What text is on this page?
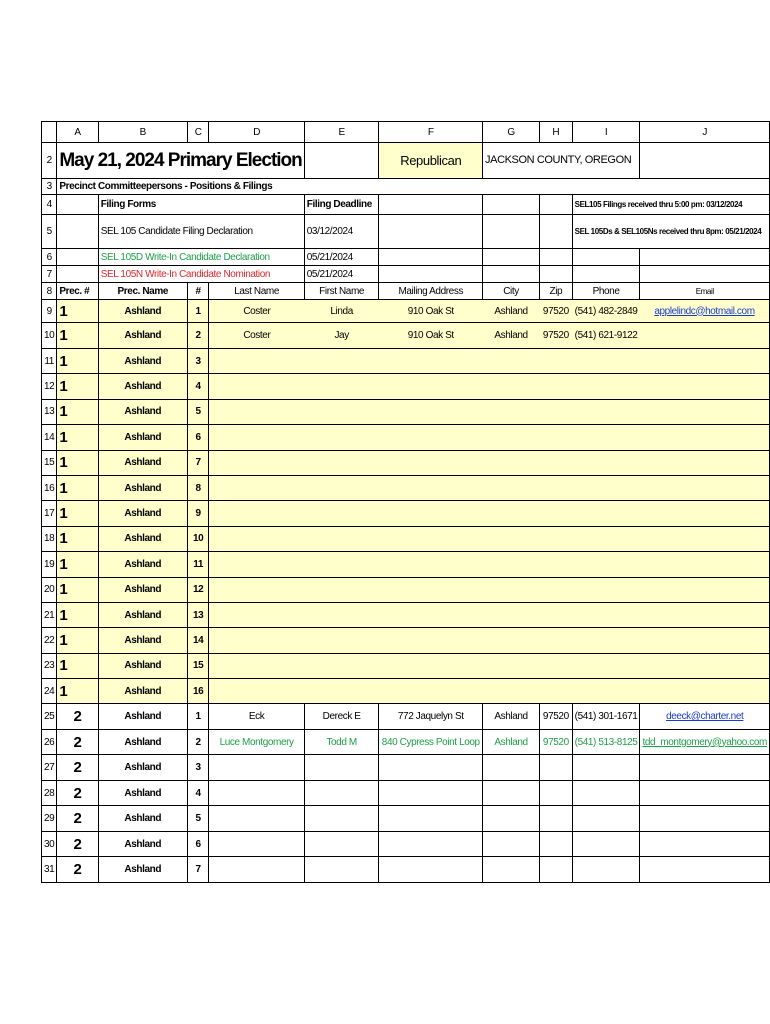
	A	B	C	D	E	F	G	H	I	J
2	May 21, 2024 Primary Election					Republican	JACKSON COUNTY, OREGON			
3	Precinct Committeepersons - Positions & Filings									
4		Filing Forms			Filing Deadline				SEL105 Filings received thru 5:00 pm: 03/12/2024	
5		SEL 105 Candidate Filing Declaration			03/12/2024				SEL 105Ds & SEL105Ns received thru 8pm: 05/21/2024	
6		SEL 105D Write-In Candidate Declaration			05/21/2024					
7		SEL 105N Write-In Candidate Nomination			05/21/2024					
8	Prec. #	Prec. Name	#	Last Name	First Name	Mailing Address	City	Zip	Phone	Email
9	1	Ashland	1	Coster	Linda	910 Oak St	Ashland	97520	(541) 482-2849	applelindc@hotmail.com
10	1	Ashland	2	Coster	Jay	910 Oak St	Ashland	97520	(541) 621-9122	
11	1	Ashland	3							
12	1	Ashland	4							
13	1	Ashland	5							
14	1	Ashland	6							
15	1	Ashland	7							
16	1	Ashland	8							
17	1	Ashland	9							
18	1	Ashland	10							
19	1	Ashland	11							
20	1	Ashland	12							
21	1	Ashland	13							
22	1	Ashland	14							
23	1	Ashland	15							
24	1	Ashland	16							
25	2	Ashland	1	Eck	Dereck E	772 Jaquelyn St	Ashland	97520	(541) 301-1671	deeck@charter.net
26	2	Ashland	2	Luce Montgomery	Todd M	840 Cypress Point Loop	Ashland	97520	(541) 513-8125	tdd_montgomery@yahoo.com
27	2	Ashland	3							
28	2	Ashland	4							
29	2	Ashland	5							
30	2	Ashland	6							
31	2	Ashland	7							
